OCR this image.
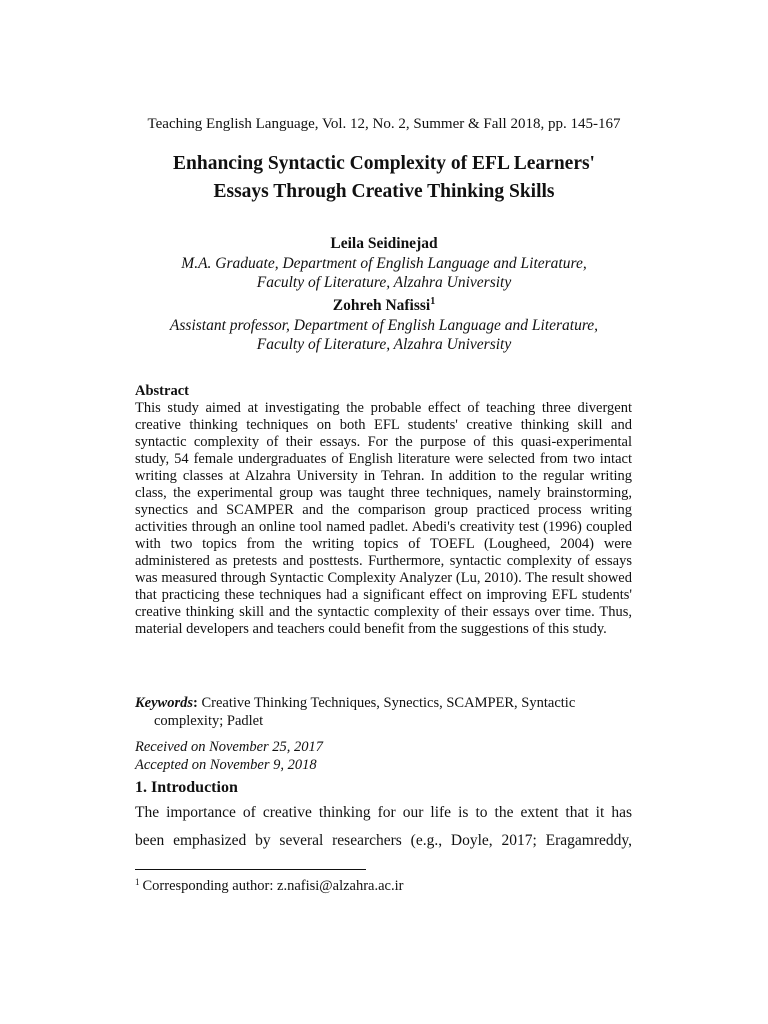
Teaching English Language, Vol. 12, No. 2, Summer & Fall 2018, pp. 145-167
Enhancing Syntactic Complexity of EFL Learners'
Essays Through Creative Thinking Skills
Leila Seidinejad
M.A. Graduate, Department of English Language and Literature,
Faculty of Literature, Alzahra University
Zohreh Nafissi$^1$
Assistant professor, Department of English Language and Literature,
Faculty of Literature, Alzahra University
Abstract

This study aimed at investigating the probable effect of teaching three divergent creative thinking techniques on both EFL students' creative thinking skill and syntactic complexity of their essays. For the purpose of this quasi-experimental study, 54 female undergraduates of English literature were selected from two intact writing classes at Alzahra University in Tehran. In addition to the regular writing class, the experimental group was taught three techniques, namely brainstorming, synectics and SCAMPER and the comparison group practiced process writing activities through an online tool named padlet. Abedi's creativity test (1996) coupled with two topics from the writing topics of TOEFL (Lougheed, 2004) were administered as pretests and posttests. Furthermore, syntactic complexity of essays was measured through Syntactic Complexity Analyzer (Lu, 2010). The result showed that practicing these techniques had a significant effect on improving EFL students' creative thinking skill and the syntactic complexity of their essays over time. Thus, material developers and teachers could benefit from the suggestions of this study.

Keywords: Creative Thinking Techniques, Synectics, SCAMPER, Syntactic
complexity; Padlet
Received on November 25, 2017
Accepted on November 9, 2018
1. Introduction

The importance of creative thinking for our life is to the extent that it has
been emphasized by several researchers (e.g., Doyle, 2017; Eragamreddy,

$^1$ Corresponding author: z.nafisi@alzahra.ac.ir
